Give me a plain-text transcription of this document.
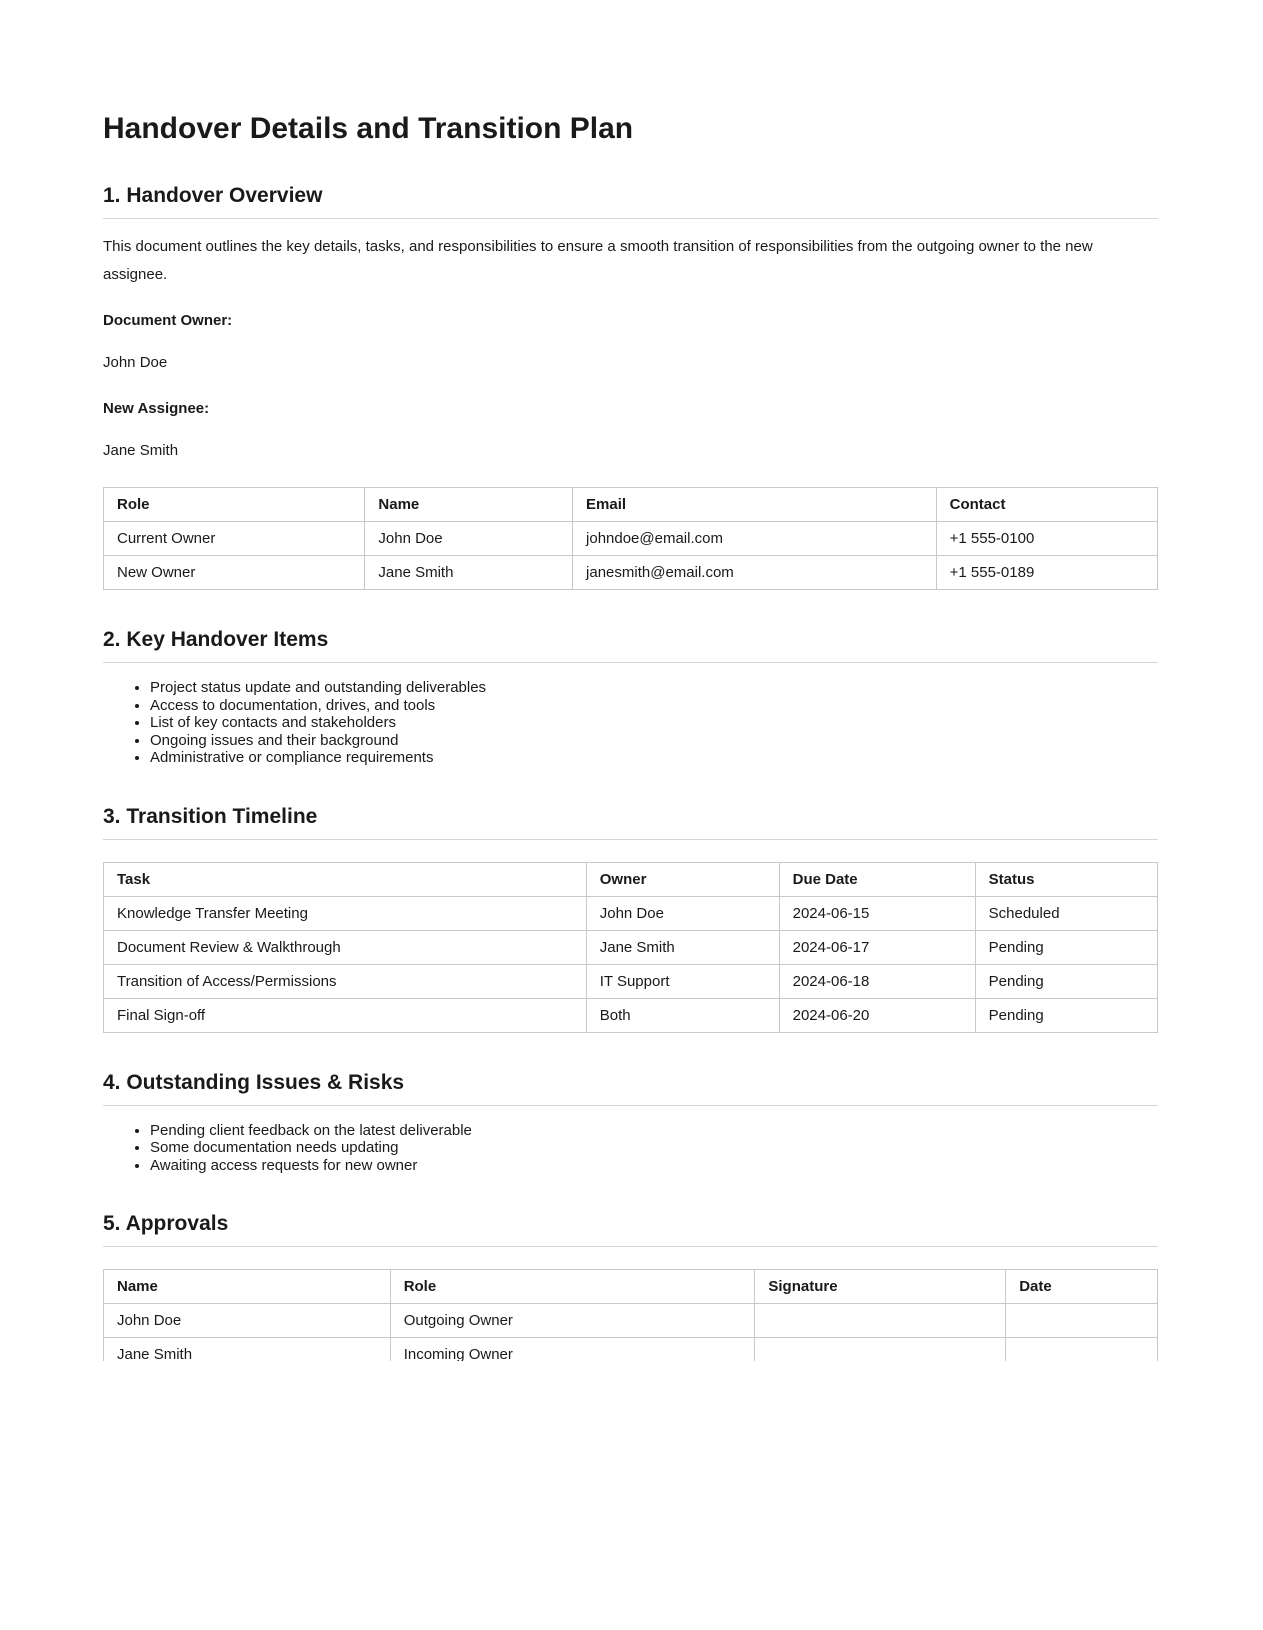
Handover Details and Transition Plan
1. Handover Overview

This document outlines the key details, tasks, and responsibilities to ensure a smooth transition of responsibilities from the outgoing owner to the new assignee.

Document Owner:

John Doe

New Assignee:

Jane Smith

Role	Name	Email	Contact
Current Owner	John Doe	johndoe@email.com	+1 555-0100
New Owner	Jane Smith	janesmith@email.com	+1 555-0189
2. Key Handover Items
• Project status update and outstanding deliverables
• Access to documentation, drives, and tools
• List of key contacts and stakeholders
• Ongoing issues and their background
• Administrative or compliance requirements
3. Transition Timeline
Task	Owner	Due Date	Status
Knowledge Transfer Meeting	John Doe	2024-06-15	Scheduled
Document Review & Walkthrough	Jane Smith	2024-06-17	Pending
Transition of Access/Permissions	IT Support	2024-06-18	Pending
Final Sign-off	Both	2024-06-20	Pending
4. Outstanding Issues & Risks
• Pending client feedback on the latest deliverable
• Some documentation needs updating
• Awaiting access requests for new owner
5. Approvals
Name	Role	Signature	Date
John Doe	Outgoing Owner		
Jane Smith	Incoming Owner		
